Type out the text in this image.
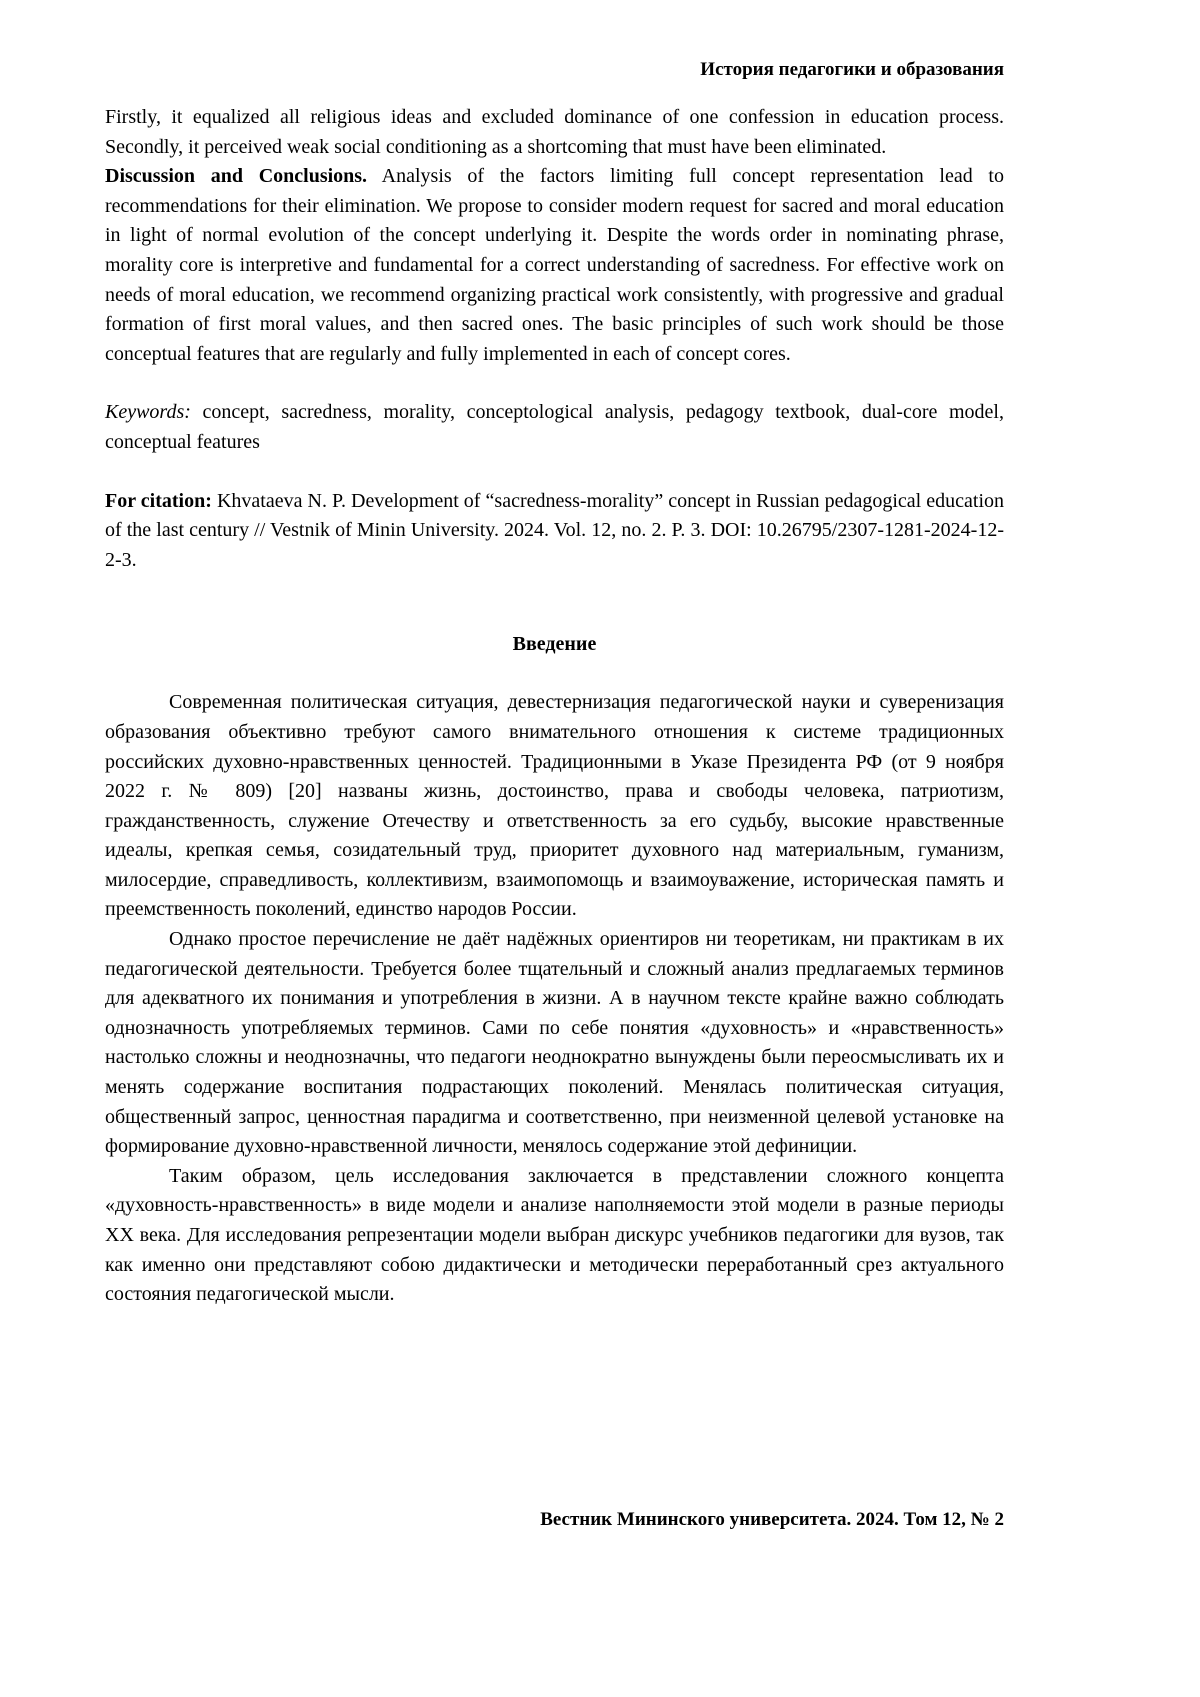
История педагогики и образования

Firstly, it equalized all religious ideas and excluded dominance of one confession in education process. Secondly, it perceived weak social conditioning as a shortcoming that must have been eliminated.

Discussion and Conclusions. Analysis of the factors limiting full concept representation lead to recommendations for their elimination. We propose to consider modern request for sacred and moral education in light of normal evolution of the concept underlying it. Despite the words order in nominating phrase, morality core is interpretive and fundamental for a correct understanding of sacredness. For effective work on needs of moral education, we recommend organizing practical work consistently, with progressive and gradual formation of first moral values, and then sacred ones. The basic principles of such work should be those conceptual features that are regularly and fully implemented in each of concept cores.

Keywords: concept, sacredness, morality, conceptological analysis, pedagogy textbook, dual-core model, conceptual features

For citation: Khvataeva N. P. Development of “sacredness-morality” concept in Russian pedagogical education of the last century // Vestnik of Minin University. 2024. Vol. 12, no. 2. P. 3. DOI: 10.26795/2307-1281-2024-12-2-3.

Введение

Современная политическая ситуация, девестернизация педагогической науки и суверенизация образования объективно требуют самого внимательного отношения к системе традиционных российских духовно-нравственных ценностей. Традиционными в Указе Президента РФ (от 9 ноября 2022 г. № 809) [20] названы жизнь, достоинство, права и свободы человека, патриотизм, гражданственность, служение Отечеству и ответственность за его судьбу, высокие нравственные идеалы, крепкая семья, созидательный труд, приоритет духовного над материальным, гуманизм, милосердие, справедливость, коллективизм, взаимопомощь и взаимоуважение, историческая память и преемственность поколений, единство народов России.

Однако простое перечисление не даёт надёжных ориентиров ни теоретикам, ни практикам в их педагогической деятельности. Требуется более тщательный и сложный анализ предлагаемых терминов для адекватного их понимания и употребления в жизни. А в научном тексте крайне важно соблюдать однозначность употребляемых терминов. Сами по себе понятия «духовность» и «нравственность» настолько сложны и неоднозначны, что педагоги неоднократно вынуждены были переосмысливать их и менять содержание воспитания подрастающих поколений. Менялась политическая ситуация, общественный запрос, ценностная парадигма и соответственно, при неизменной целевой установке на формирование духовно-нравственной личности, менялось содержание этой дефиниции.

Таким образом, цель исследования заключается в представлении сложного концепта «духовность-нравственность» в виде модели и анализе наполняемости этой модели в разные периоды XX века. Для исследования репрезентации модели выбран дискурс учебников педагогики для вузов, так как именно они представляют собою дидактически и методически переработанный срез актуального состояния педагогической мысли.

Вестник Мининского университета. 2024. Том 12, № 2
